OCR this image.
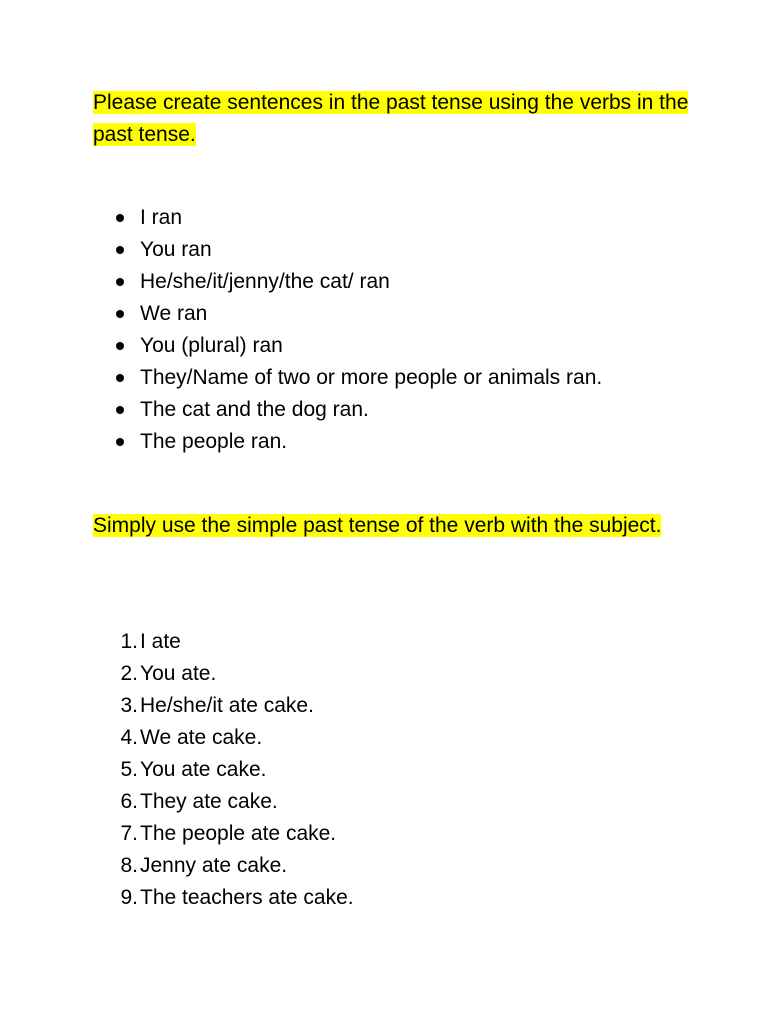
Please create sentences in the past tense using the verbs in the past tense.

I ran
You ran
He/she/it/jenny/the cat/ ran
We ran
You (plural) ran
They/Name of two or more people or animals ran.
The cat and the dog ran.
The people ran.

Simply use the simple past tense of the verb with the subject.

1. I ate
2. You ate.
3. He/she/it ate cake.
4. We ate cake.
5. You ate cake.
6. They ate cake.
7. The people ate cake.
8. Jenny ate cake.
9. The teachers ate cake.
